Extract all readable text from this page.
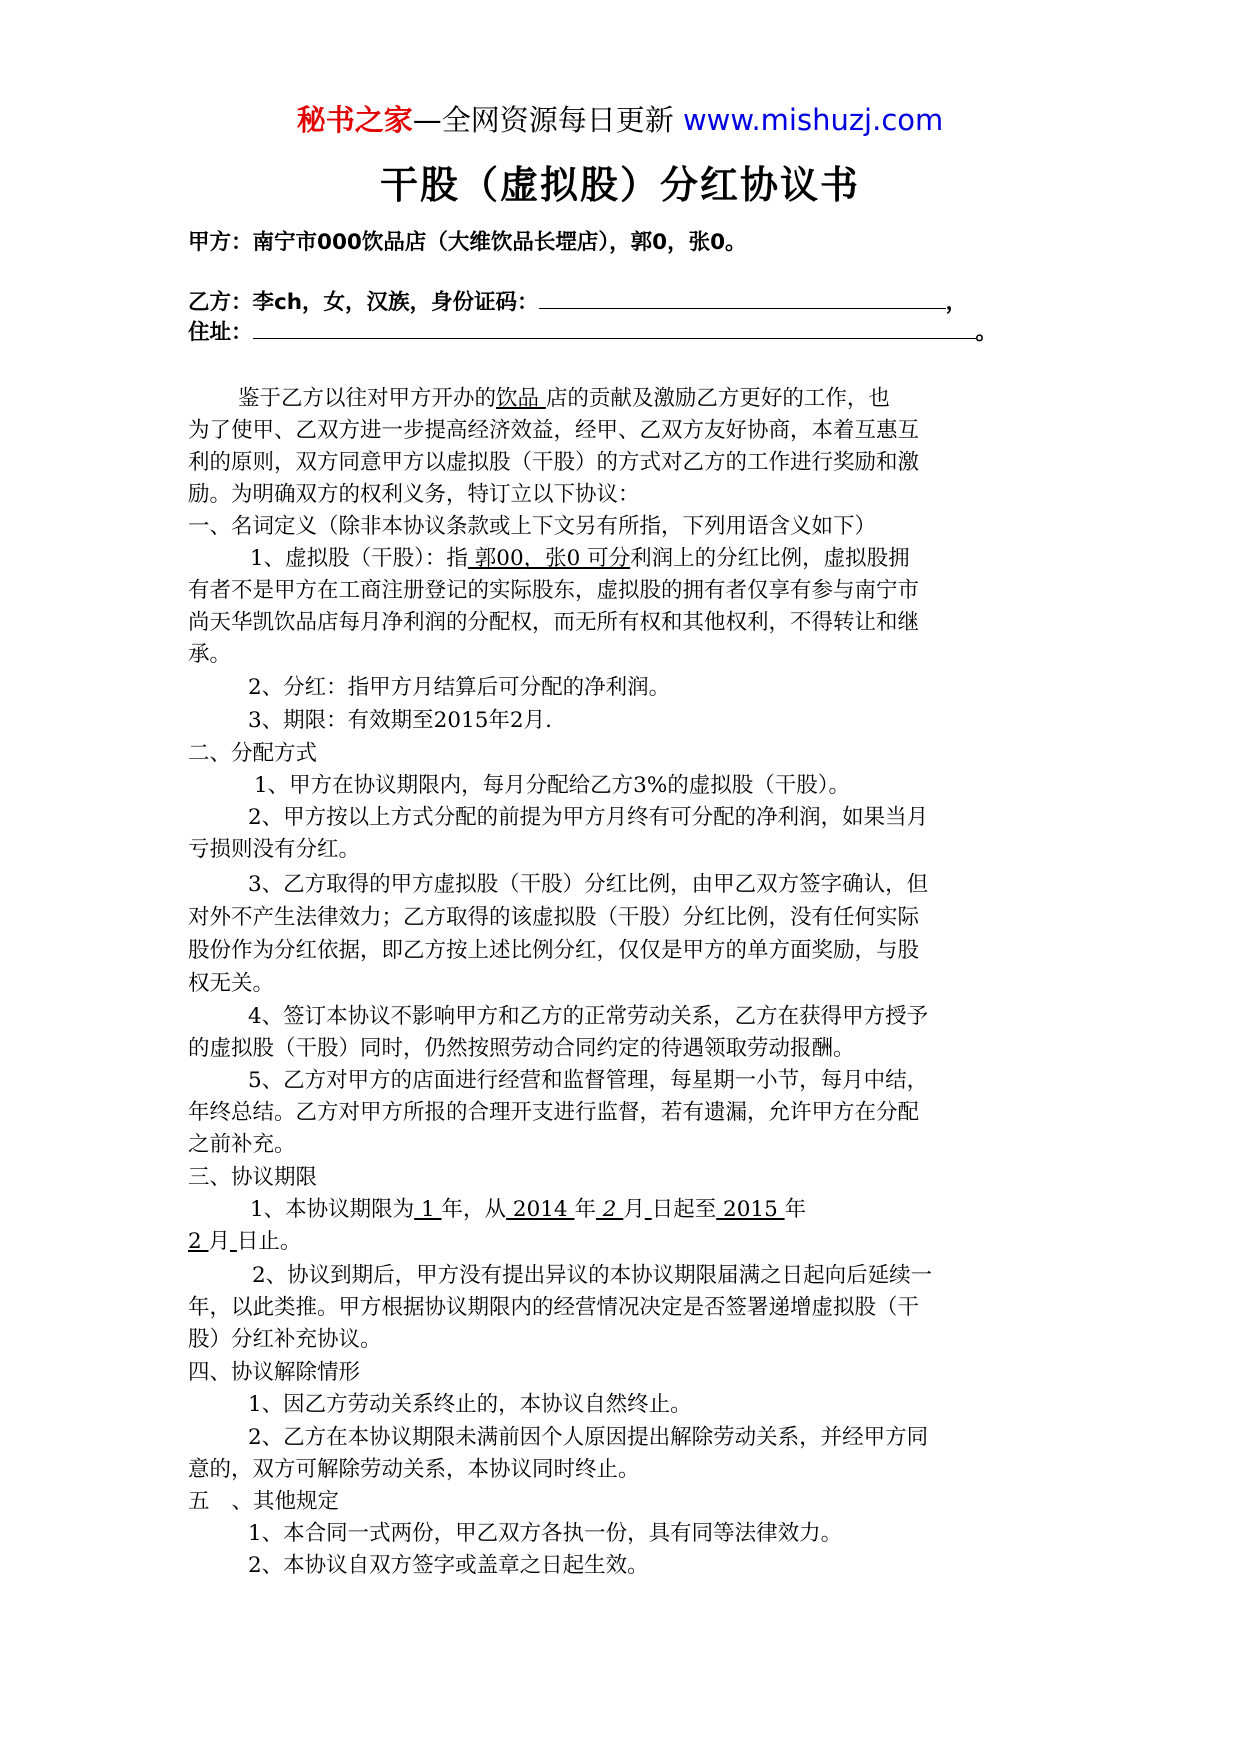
秘书之家—全网资源每日更新 www.mishuzj.com
干股（虚拟股）分红协议书
甲方：南宁市000饮品店（大维饮品长堽店），郭0，张0。
乙方：李ch，女，汉族，身份证码：	，
住址：	。
鉴于乙方以往对甲方开办的饮品 店的贡献及激励乙方更好的工作，也
为了使甲、乙双方进一步提高经济效益，经甲、乙双方友好协商，本着互惠互
利的原则，双方同意甲方以虚拟股（干股）的方式对乙方的工作进行奖励和激
励。为明确双方的权利义务，特订立以下协议：
一、名词定义（除非本协议条款或上下文另有所指，下列用语含义如下）
1、虚拟股（干股）：指 郭00，张0 可分利润上的分红比例，虚拟股拥
有者不是甲方在工商注册登记的实际股东，虚拟股的拥有者仅享有参与南宁市
尚天华凯饮品店每月净利润的分配权，而无所有权和其他权利，不得转让和继
承。
2、分红：指甲方月结算后可分配的净利润。
3、期限：有效期至2015年2月.
二、分配方式
1、甲方在协议期限内，每月分配给乙方3%的虚拟股（干股）。
2、甲方按以上方式分配的前提为甲方月终有可分配的净利润，如果当月
亏损则没有分红。
3、乙方取得的甲方虚拟股（干股）分红比例，由甲乙双方签字确认，但
对外不产生法律效力；乙方取得的该虚拟股（干股）分红比例，没有任何实际
股份作为分红依据，即乙方按上述比例分红，仅仅是甲方的单方面奖励，与股
权无关。
4、签订本协议不影响甲方和乙方的正常劳动关系，乙方在获得甲方授予
的虚拟股（干股）同时，仍然按照劳动合同约定的待遇领取劳动报酬。
5、乙方对甲方的店面进行经营和监督管理，每星期一小节，每月中结，
年终总结。乙方对甲方所报的合理开支进行监督，若有遗漏，允许甲方在分配
之前补充。
三、协议期限
1、本协议期限为 1 年，从 2014 年 2 月 日起至 2015 年
2 月 日止。
2、协议到期后，甲方没有提出异议的本协议期限届满之日起向后延续一
年，以此类推。甲方根据协议期限内的经营情况决定是否签署递增虚拟股（干
股）分红补充协议。
四、协议解除情形
1、因乙方劳动关系终止的，本协议自然终止。
2、乙方在本协议期限未满前因个人原因提出解除劳动关系，并经甲方同
意的，双方可解除劳动关系，本协议同时终止。
五 、其他规定
1、本合同一式两份，甲乙双方各执一份，具有同等法律效力。
2、本协议自双方签字或盖章之日起生效。
